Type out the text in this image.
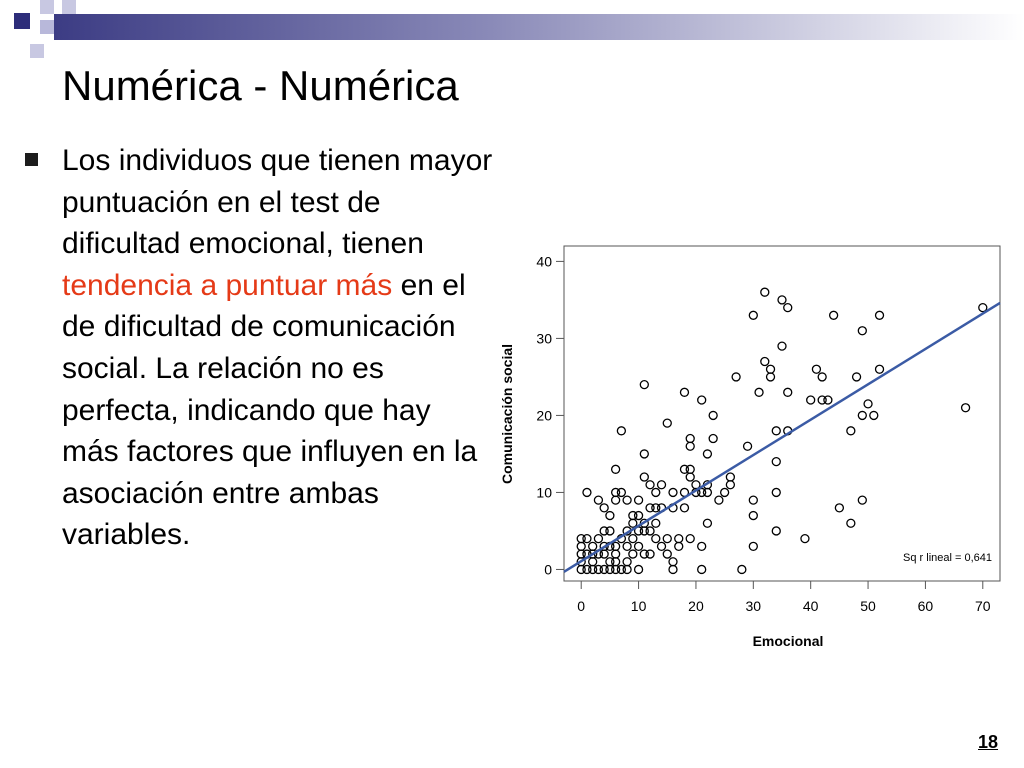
Numérica - Numérica
Los individuos que tienen mayor puntuación en el test de dificultad emocional, tienen tendencia a puntuar más en el de dificultad de comunicación social. La relación no es perfecta, indicando que hay más factores que influyen en la asociación entre ambas variables.
0
10
20
30
40
0	10	20	30	40	50	60	70
Sq r lineal = 0,641
Emocional
Comunicación social
18
